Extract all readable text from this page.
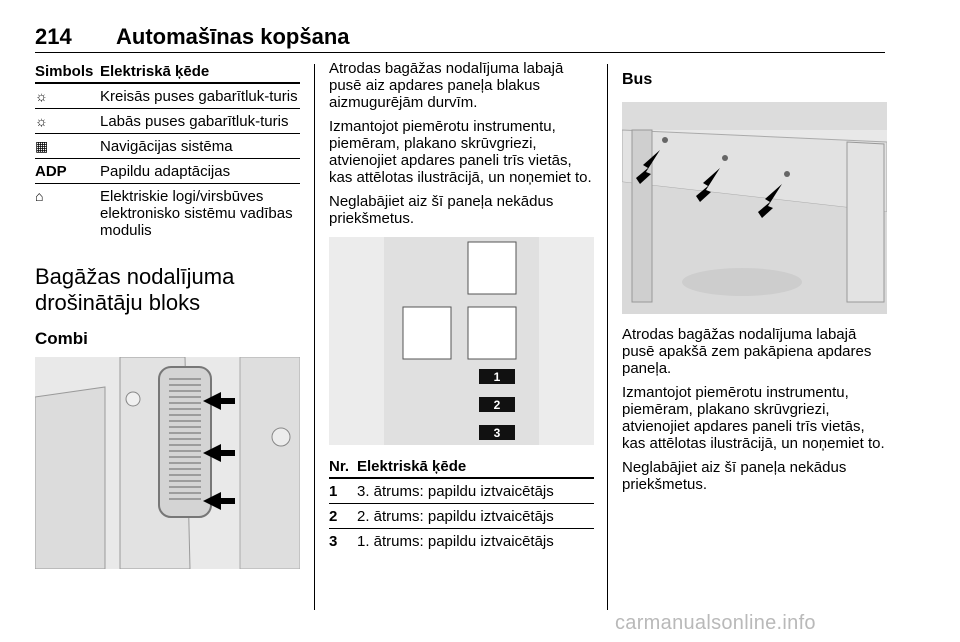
214 Automašīnas kopšana
Simbols	Elektriskā ķēde
☼	Kreisās puses gabarītluk-turis
☼	Labās puses gabarītluk-turis
▦	Navigācijas sistēma
ADP	Papildu adaptācijas
⌂	Elektriskie logi/virsbūves elektronisko sistēmu vadības modulis
Bagāžas nodalījuma drošinātāju bloks
Combi

Atrodas bagāžas nodalījuma labajā pusē aiz apdares paneļa blakus aizmugurējām durvīm.

Izmantojot piemērotu instrumentu, piemēram, plakano skrūvgriezi, atvienojiet apdares paneli trīs vietās, kas attēlotas ilustrācijā, un noņemiet to.

Neglabājiet aiz šī paneļa nekādus priekšmetus.

1
2
3
Nr.	Elektriskā ķēde
1	3. ātrums: papildu iztvaicētājs
2	2. ātrums: papildu iztvaicētājs
3	1. ātrums: papildu iztvaicētājs
Bus

Atrodas bagāžas nodalījuma labajā pusē apakšā zem pakāpiena apdares paneļa.

Izmantojot piemērotu instrumentu, piemēram, plakano skrūvgriezi, atvienojiet apdares paneli trīs vietās, kas attēlotas ilustrācijā, un noņemiet to.

Neglabājiet aiz šī paneļa nekādus priekšmetus.

carmanualsonline.info
